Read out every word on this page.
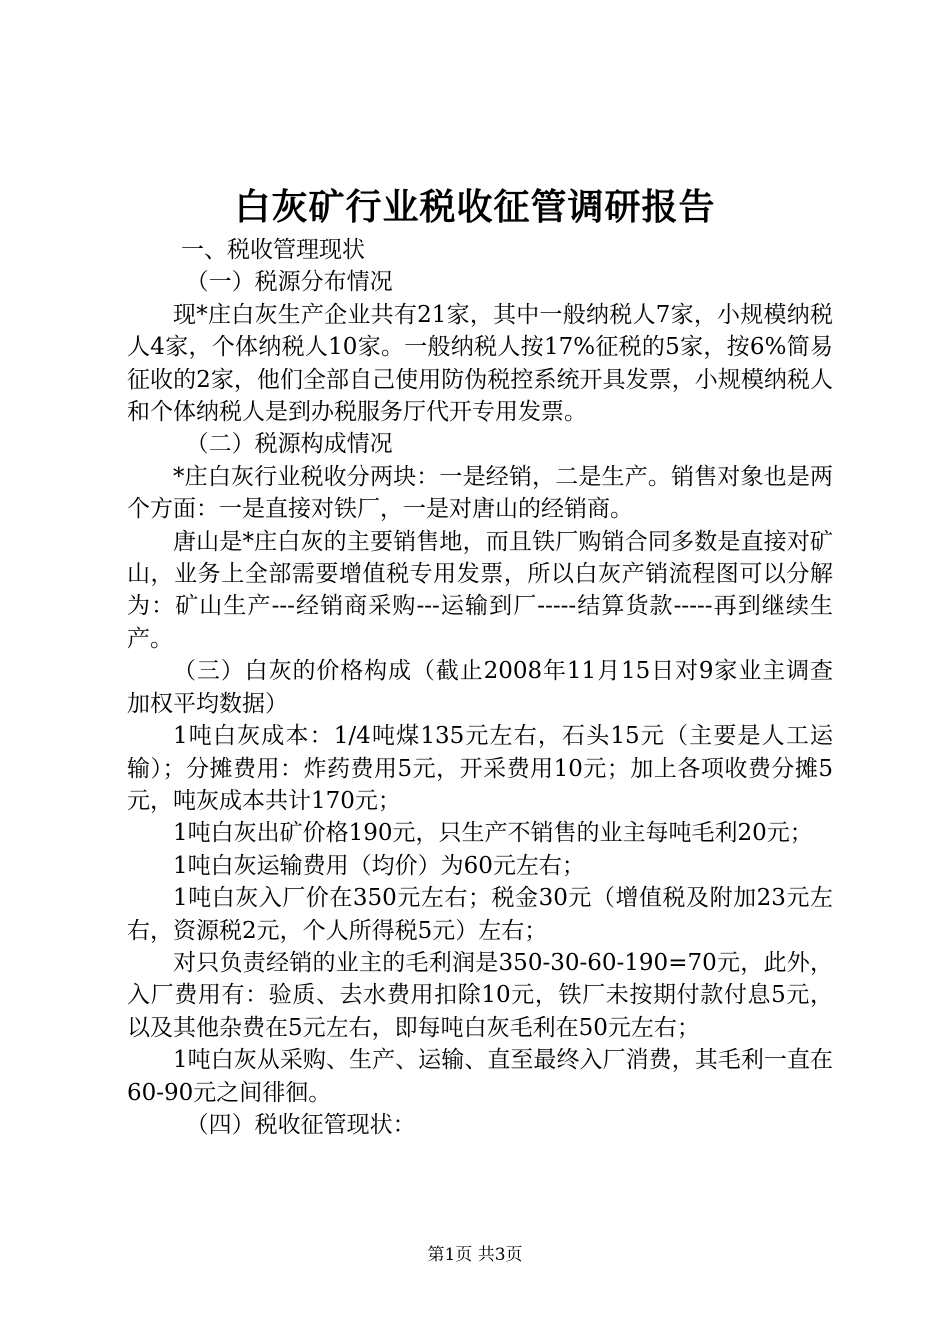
白灰矿行业税收征管调研报告

一、税收管理现状

（一）税源分布情况

现*庄白灰生产企业共有21家，其中一般纳税人7家，小规模纳税人4家，个体纳税人10家。一般纳税人按17%征税的5家，按6%简易征收的2家，他们全部自己使用防伪税控系统开具发票，小规模纳税人和个体纳税人是到办税服务厅代开专用发票。

（二）税源构成情况

*庄白灰行业税收分两块：一是经销，二是生产。销售对象也是两个方面：一是直接对铁厂，一是对唐山的经销商。

唐山是*庄白灰的主要销售地，而且铁厂购销合同多数是直接对矿山，业务上全部需要增值税专用发票，所以白灰产销流程图可以分解为：矿山生产---经销商采购---运输到厂-----结算货款-----再到继续生产。

（三）白灰的价格构成（截止2008年11月15日对9家业主调查加权平均数据）

1吨白灰成本：1/4吨煤135元左右，石头15元（主要是人工运输）；分摊费用：炸药费用5元，开采费用10元；加上各项收费分摊5元，吨灰成本共计170元；

1吨白灰出矿价格190元，只生产不销售的业主每吨毛利20元；

1吨白灰运输费用（均价）为60元左右；

1吨白灰入厂价在350元左右；税金30元（增值税及附加23元左右，资源税2元，个人所得税5元）左右；

对只负责经销的业主的毛利润是350-30-60-190=70元，此外，入厂费用有：验质、去水费用扣除10元，铁厂未按期付款付息5元，以及其他杂费在5元左右，即每吨白灰毛利在50元左右；

1吨白灰从采购、生产、运输、直至最终入厂消费，其毛利一直在60-90元之间徘徊。

（四）税收征管现状：

第1页 共3页
